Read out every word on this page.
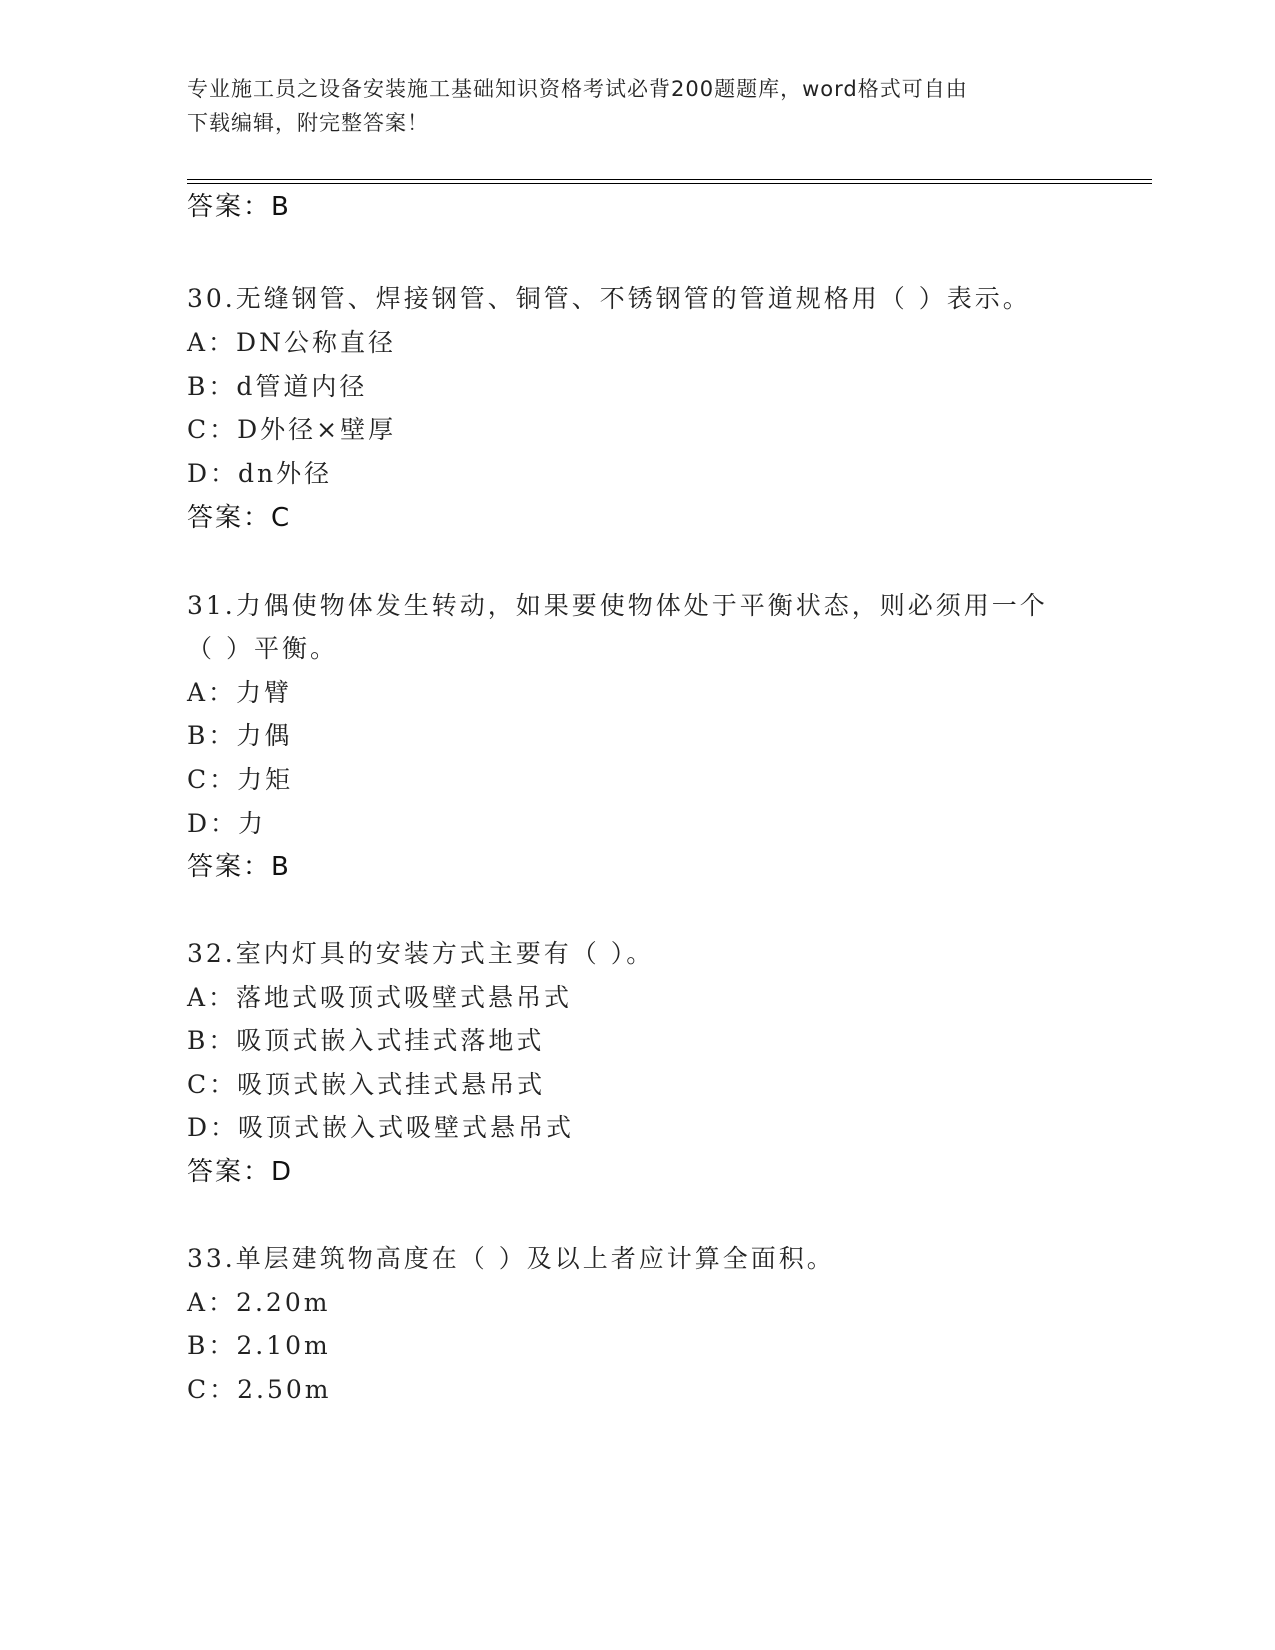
专业施工员之设备安装施工基础知识资格考试必背200题题库，word格式可自由
下载编辑，附完整答案！
答案：B
30.无缝钢管、焊接钢管、铜管、不锈钢管的管道规格用（ ）表示。
A：DN公称直径
B：d管道内径
C：D外径×壁厚
D：dn外径
答案：C
31.力偶使物体发生转动，如果要使物体处于平衡状态，则必须用一个
（ ）平衡。
A：力臂
B：力偶
C：力矩
D：力
答案：B
32.室内灯具的安装方式主要有（ ）。
A：落地式吸顶式吸壁式悬吊式
B：吸顶式嵌入式挂式落地式
C：吸顶式嵌入式挂式悬吊式
D：吸顶式嵌入式吸壁式悬吊式
答案：D
33.单层建筑物高度在（ ）及以上者应计算全面积。
A：2.20m
B：2.10m
C：2.50m
